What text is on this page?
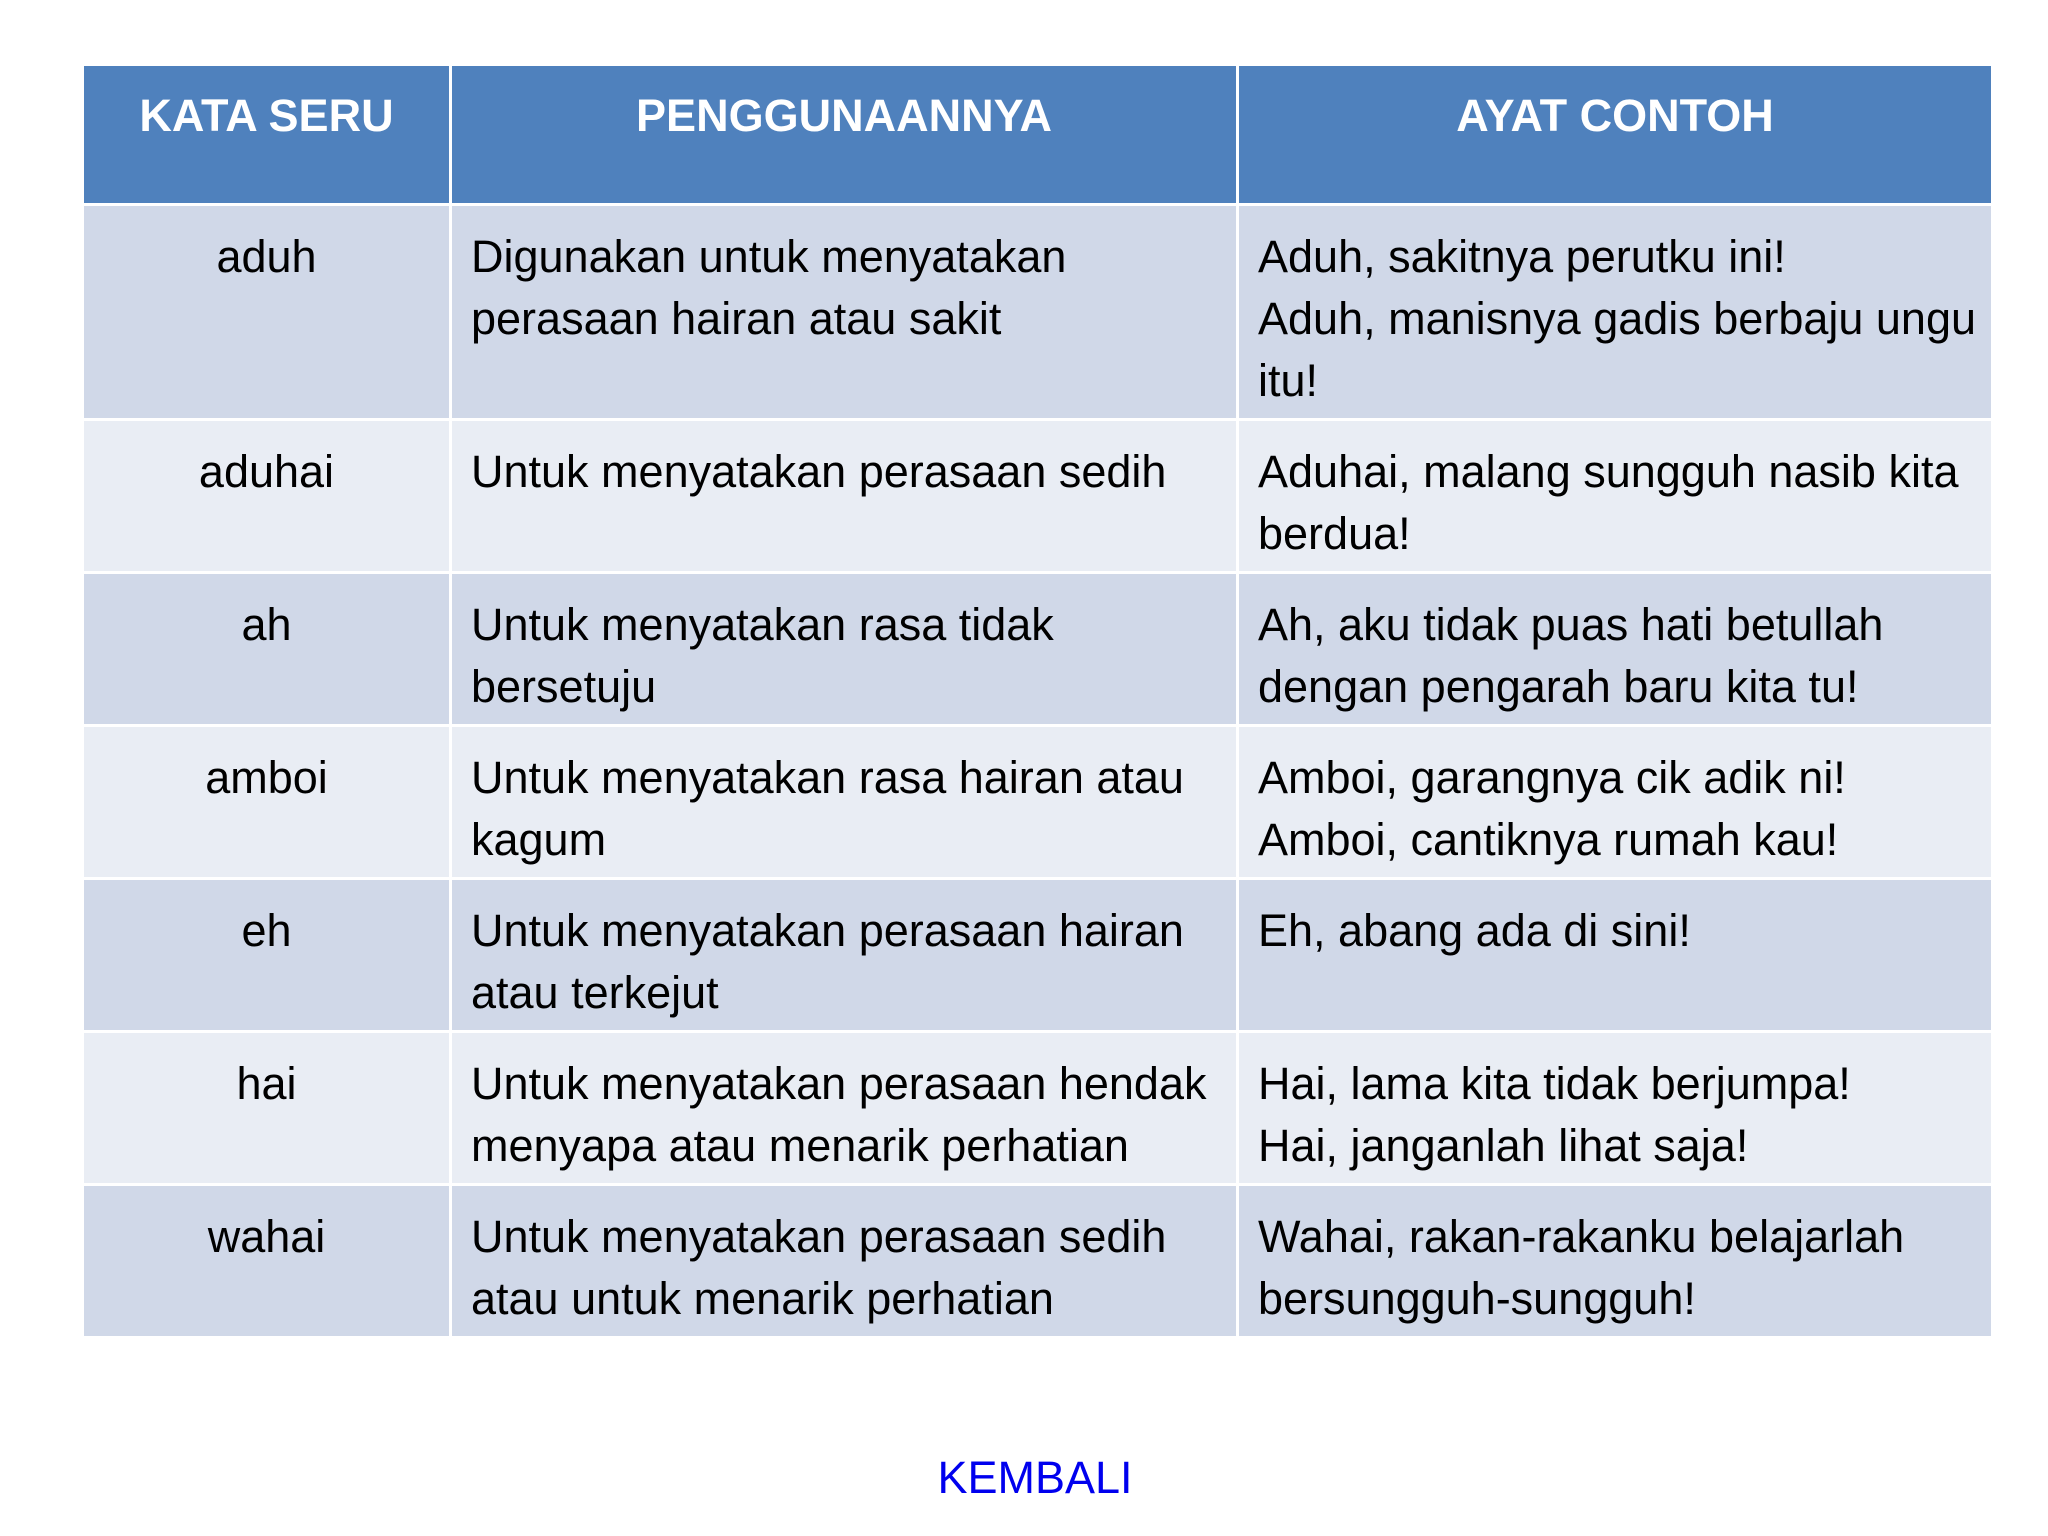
KATA SERU	PENGGUNAANNYA	AYAT CONTOH
aduh	Digunakan untuk menyatakan perasaan hairan atau sakit	Aduh, sakitnya perutku ini!
Aduh, manisnya gadis berbaju ungu itu!

aduhai	Untuk menyatakan perasaan sedih	Aduhai, malang sungguh nasib kita berdua!

ah	Untuk menyatakan rasa tidak bersetuju	Ah, aku tidak puas hati betullah dengan pengarah baru kita tu!

amboi	Untuk menyatakan rasa hairan atau kagum	Amboi, garangnya cik adik ni!
Amboi, cantiknya rumah kau!

eh	Untuk menyatakan perasaan hairan atau terkejut	Eh, abang ada di sini!

hai	Untuk menyatakan perasaan hendak menyapa atau menarik perhatian	Hai, lama kita tidak berjumpa!
Hai, janganlah lihat saja!

wahai	Untuk menyatakan perasaan sedih atau untuk menarik perhatian	Wahai, rakan-rakanku belajarlah bersungguh-sungguh!
KEMBALI
